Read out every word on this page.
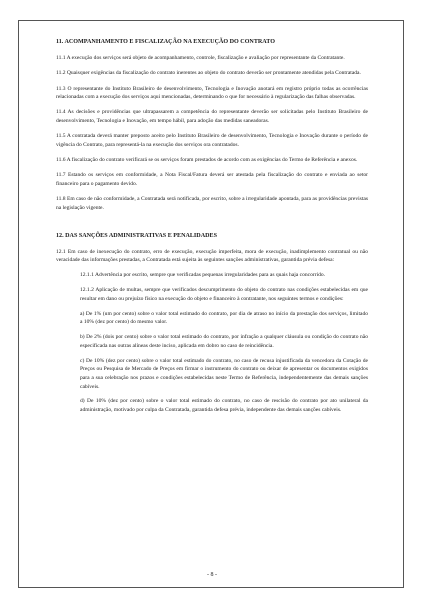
11. ACOMPANHAMENTO E FISCALIZAÇÃO NA EXECUÇÃO DO CONTRATO

11.1 A execução dos serviços será objeto de acompanhamento, controle, fiscalização e avaliação por representante da Contratante.

11.2 Quaisquer exigências da fiscalização do contrato inerentes ao objeto do contrato deverão ser prontamente atendidas pela Contratada.

11.3 O representante do Instituto Brasileiro de desenvolvimento, Tecnologia e Inovação anotará em registro próprio todas as ocorrências relacionadas com a execução dos serviços aqui mencionadas, determinando o que for necessário à regularização das falhas observadas.

11.4 As decisões e providências que ultrapassarem a competência do representante deverão ser solicitadas pelo Instituto Brasileiro de desenvolvimento, Tecnologia e Inovação, em tempo hábil, para adoção das medidas saneadoras.

11.5 A contratada deverá manter preposto aceito pelo Instituto Brasileiro de desenvolvimento, Tecnologia e Inovação durante o período de vigência do Contrato, para representá-la na execução dos serviços ora contratados.

11.6 A fiscalização do contrato verificará se os serviços foram prestados de acordo com as exigências do Termo de Referência e anexos.

11.7 Estando os serviços em conformidade, a Nota Fiscal/Fatura deverá ser atestada pela fiscalização do contrato e enviada ao setor financeiro para o pagamento devido.

11.8 Em caso de não conformidade, a Contratada será notificada, por escrito, sobre a irregularidade apontada, para as providências previstas na legislação vigente.

12. DAS SANÇÕES ADMINISTRATIVAS E PENALIDADES

12.1 Em caso de inexecução do contrato, erro de execução, execução imperfeita, mora de execução, inadimplemento contratual ou não veracidade das informações prestadas, a Contratada está sujeita às seguintes sanções administrativas, garantida prévia defesa:

12.1.1 Advertência por escrito, sempre que verificadas pequenas irregularidades para as quais haja concorrido.

12.1.2 Aplicação de multas, sempre que verificados descumprimento do objeto do contrato nas condições estabelecidas em que resultar em dano ou prejuízo físico na execução do objeto e financeiro à contratante, nos seguintes termos e condições:

a) De 1% (um por cento) sobre o valor total estimado do contrato, por dia de atraso no início da prestação dos serviços, limitado a 10% (dez por cento) do mesmo valor.

b) De 2% (dois por cento) sobre o valor total estimado do contrato, por infração a qualquer cláusula ou condição do contrato não especificada nas outras alíneas deste inciso, aplicada em dobro no caso de reincidência.

c) De 10% (dez por cento) sobre o valor total estimado do contrato, no caso de recusa injustificada da vencedora da Cotação de Preços ou Pesquisa de Mercado de Preços em firmar o instrumento do contrato ou deixar de apresentar os documentos exigidos para a sua celebração nos prazos e condições estabelecidas neste Termo de Referência, independentemente das demais sanções cabíveis.

d) De 10% (dez por cento) sobre o valor total estimado do contrato, no caso de rescisão do contrato por ato unilateral da administração, motivado por culpa da Contratada, garantida defesa prévia, independente das demais sanções cabíveis.

- 8 -
